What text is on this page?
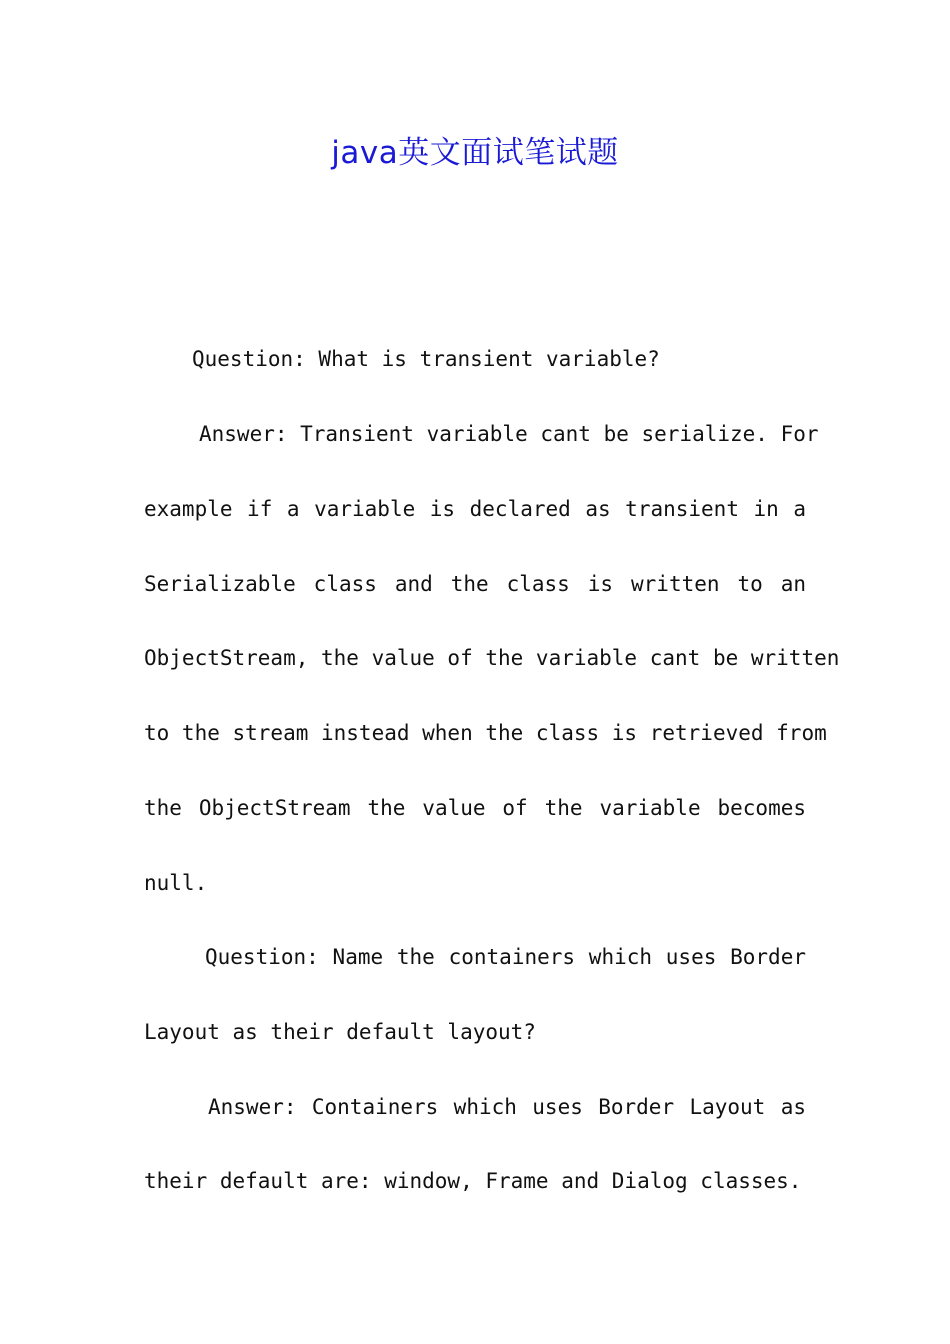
java英文面试笔试题
Question: What is transient variable?
Answer: Transient variable cant be serialize. For
example if a variable is declared as transient in a
Serializable class and the class is written to an
ObjectStream, the value of the variable cant be written
to the stream instead when the class is retrieved from
the ObjectStream the value of the variable becomes
null.
Question: Name the containers which uses Border
Layout as their default layout?
Answer: Containers which uses Border Layout as
their default are: window, Frame and Dialog classes.
